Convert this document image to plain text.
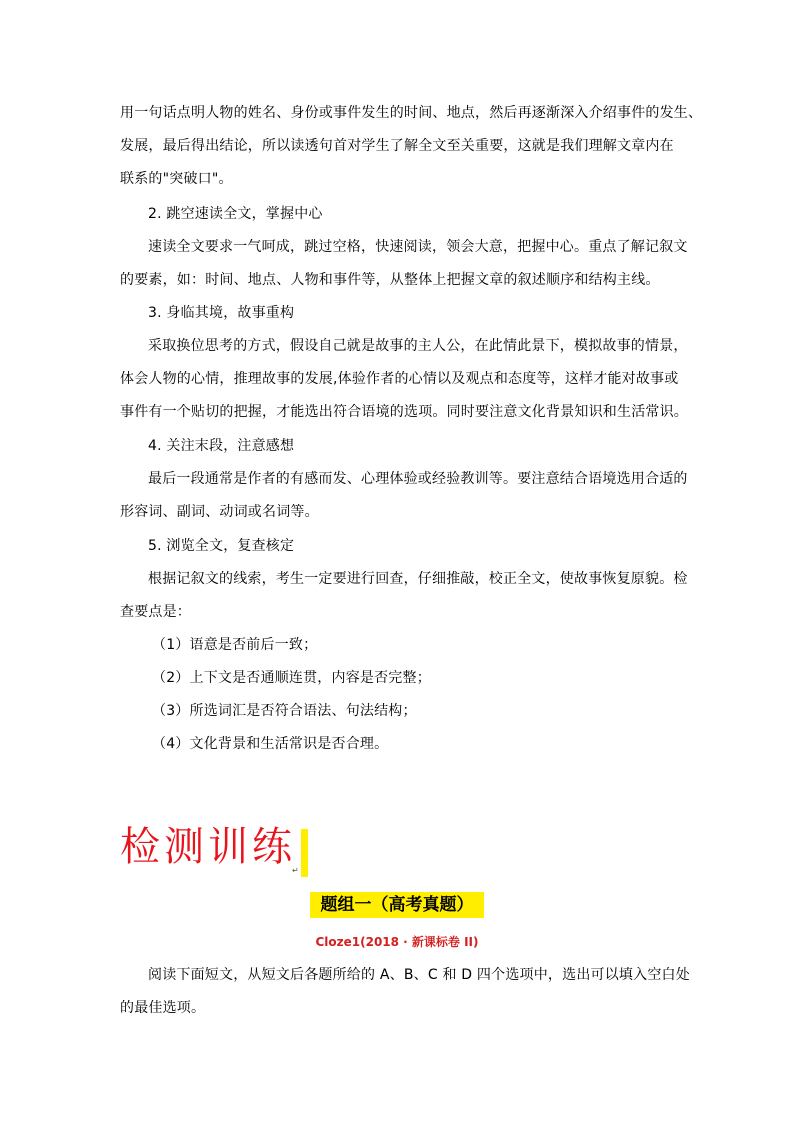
用一句话点明人物的姓名、身份或事件发生的时间、地点，然后再逐渐深入介绍事件的发生、
发展，最后得出结论，所以读透句首对学生了解全文至关重要，这就是我们理解文章内在
联系的"突破口"。
2. 跳空速读全文，掌握中心
速读全文要求一气呵成，跳过空格，快速阅读，领会大意，把握中心。重点了解记叙文
的要素，如：时间、地点、人物和事件等，从整体上把握文章的叙述顺序和结构主线。
3. 身临其境，故事重构
采取换位思考的方式，假设自己就是故事的主人公，在此情此景下，模拟故事的情景，
体会人物的心情，推理故事的发展,体验作者的心情以及观点和态度等，这样才能对故事或
事件有一个贴切的把握，才能选出符合语境的选项。同时要注意文化背景知识和生活常识。
4. 关注末段，注意感想
最后一段通常是作者的有感而发、心理体验或经验教训等。要注意结合语境选用合适的
形容词、副词、动词或名词等。
5. 浏览全文，复查核定
根据记叙文的线索，考生一定要进行回查，仔细推敲，校正全文，使故事恢复原貌。检
查要点是：
（1）语意是否前后一致；
（2）上下文是否通顺连贯，内容是否完整；
（3）所选词汇是否符合语法、句法结构；
（4）文化背景和生活常识是否合理。
检测训练
↵
题组一（高考真题）
Cloze1(2018 · 新课标卷 II)
阅读下面短文，从短文后各题所给的 A、B、C 和 D 四个选项中，选出可以填入空白处
的最佳选项。
